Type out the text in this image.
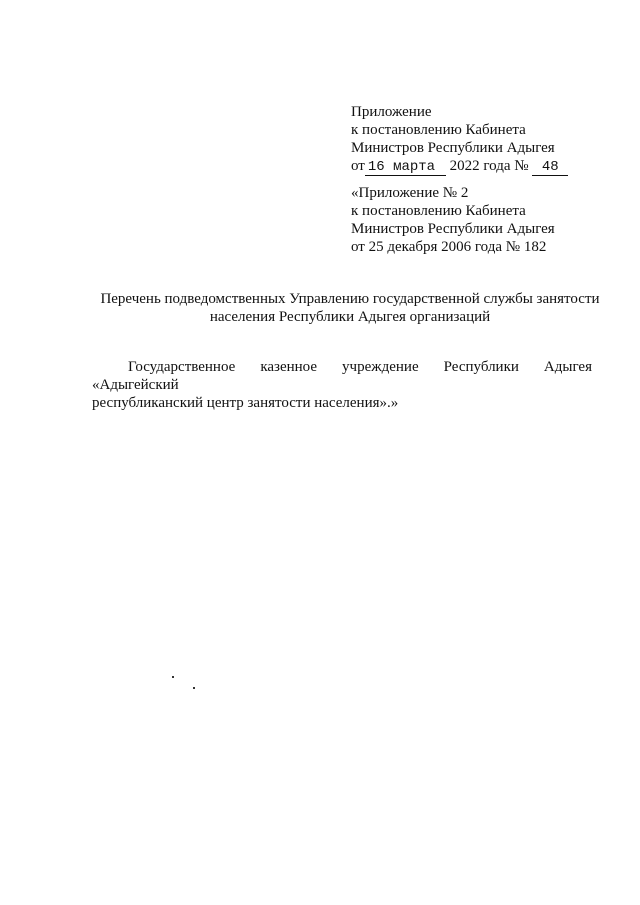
Приложение
к постановлению Кабинета
Министров Республики Адыгея
от 16 марта 2022 года № 48
«Приложение № 2
к постановлению Кабинета
Министров Республики Адыгея
от 25 декабря 2006 года № 182
Перечень подведомственных Управлению государственной службы занятости
населения Республики Адыгея организаций
Государственное казенное учреждение Республики Адыгея «Адыгейский
республиканский центр занятости населения».»
